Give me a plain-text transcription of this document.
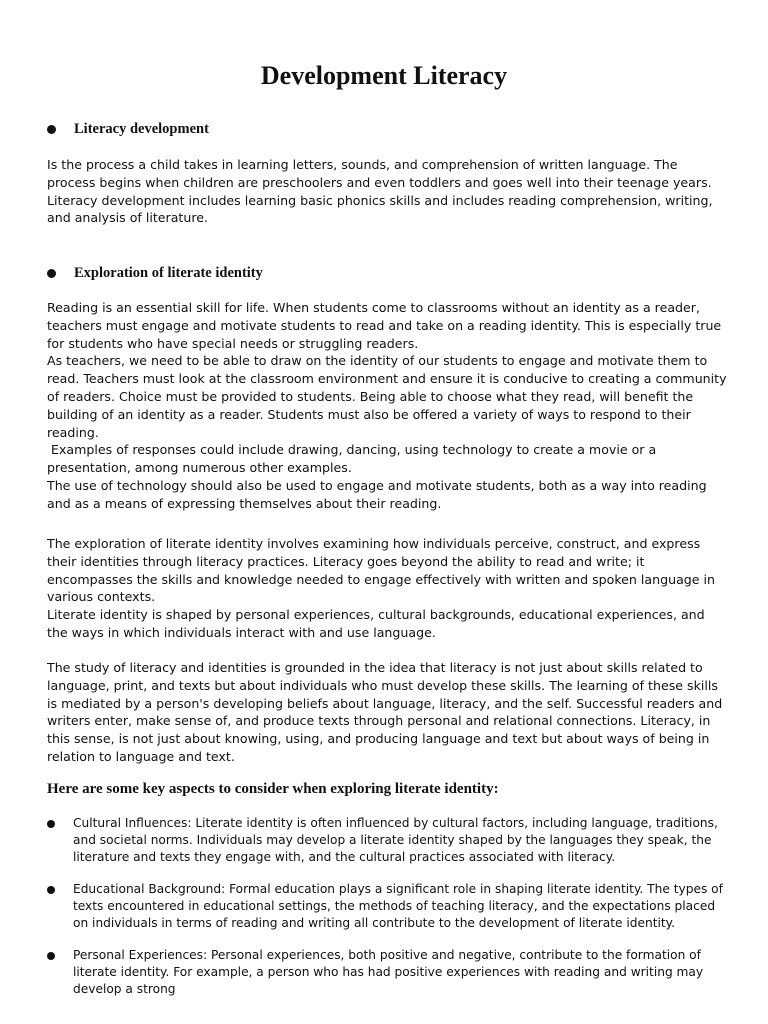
Development Literacy
Literacy development

Is the process a child takes in learning letters, sounds, and comprehension of written language. The process begins when children are preschoolers and even toddlers and goes well into their teenage years. Literacy development includes learning basic phonics skills and includes reading comprehension, writing, and analysis of literature.

Exploration of literate identity

Reading is an essential skill for life. When students come to classrooms without an identity as a reader, teachers must engage and motivate students to read and take on a reading identity. This is especially true for students who have special needs or struggling readers.

As teachers, we need to be able to draw on the identity of our students to engage and motivate them to read. Teachers must look at the classroom environment and ensure it is conducive to creating a community of readers. Choice must be provided to students. Being able to choose what they read, will benefit the building of an identity as a reader. Students must also be offered a variety of ways to respond to their reading.

Examples of responses could include drawing, dancing, using technology to create a movie or a presentation, among numerous other examples.

The use of technology should also be used to engage and motivate students, both as a way into reading and as a means of expressing themselves about their reading.

The exploration of literate identity involves examining how individuals perceive, construct, and express their identities through literacy practices. Literacy goes beyond the ability to read and write; it encompasses the skills and knowledge needed to engage effectively with written and spoken language in various contexts.

Literate identity is shaped by personal experiences, cultural backgrounds, educational experiences, and the ways in which individuals interact with and use language.

The study of literacy and identities is grounded in the idea that literacy is not just about skills related to language, print, and texts but about individuals who must develop these skills. The learning of these skills is mediated by a person's developing beliefs about language, literacy, and the self. Successful readers and writers enter, make sense of, and produce texts through personal and relational connections. Literacy, in this sense, is not just about knowing, using, and producing language and text but about ways of being in relation to language and text.

Here are some key aspects to consider when exploring literate identity:
Cultural Influences: Literate identity is often influenced by cultural factors, including language, traditions, and societal norms. Individuals may develop a literate identity shaped by the languages they speak, the literature and texts they engage with, and the cultural practices associated with literacy.
Educational Background: Formal education plays a significant role in shaping literate identity. The types of texts encountered in educational settings, the methods of teaching literacy, and the expectations placed on individuals in terms of reading and writing all contribute to the development of literate identity.
Personal Experiences: Personal experiences, both positive and negative, contribute to the formation of literate identity. For example, a person who has had positive experiences with reading and writing may develop a strong
